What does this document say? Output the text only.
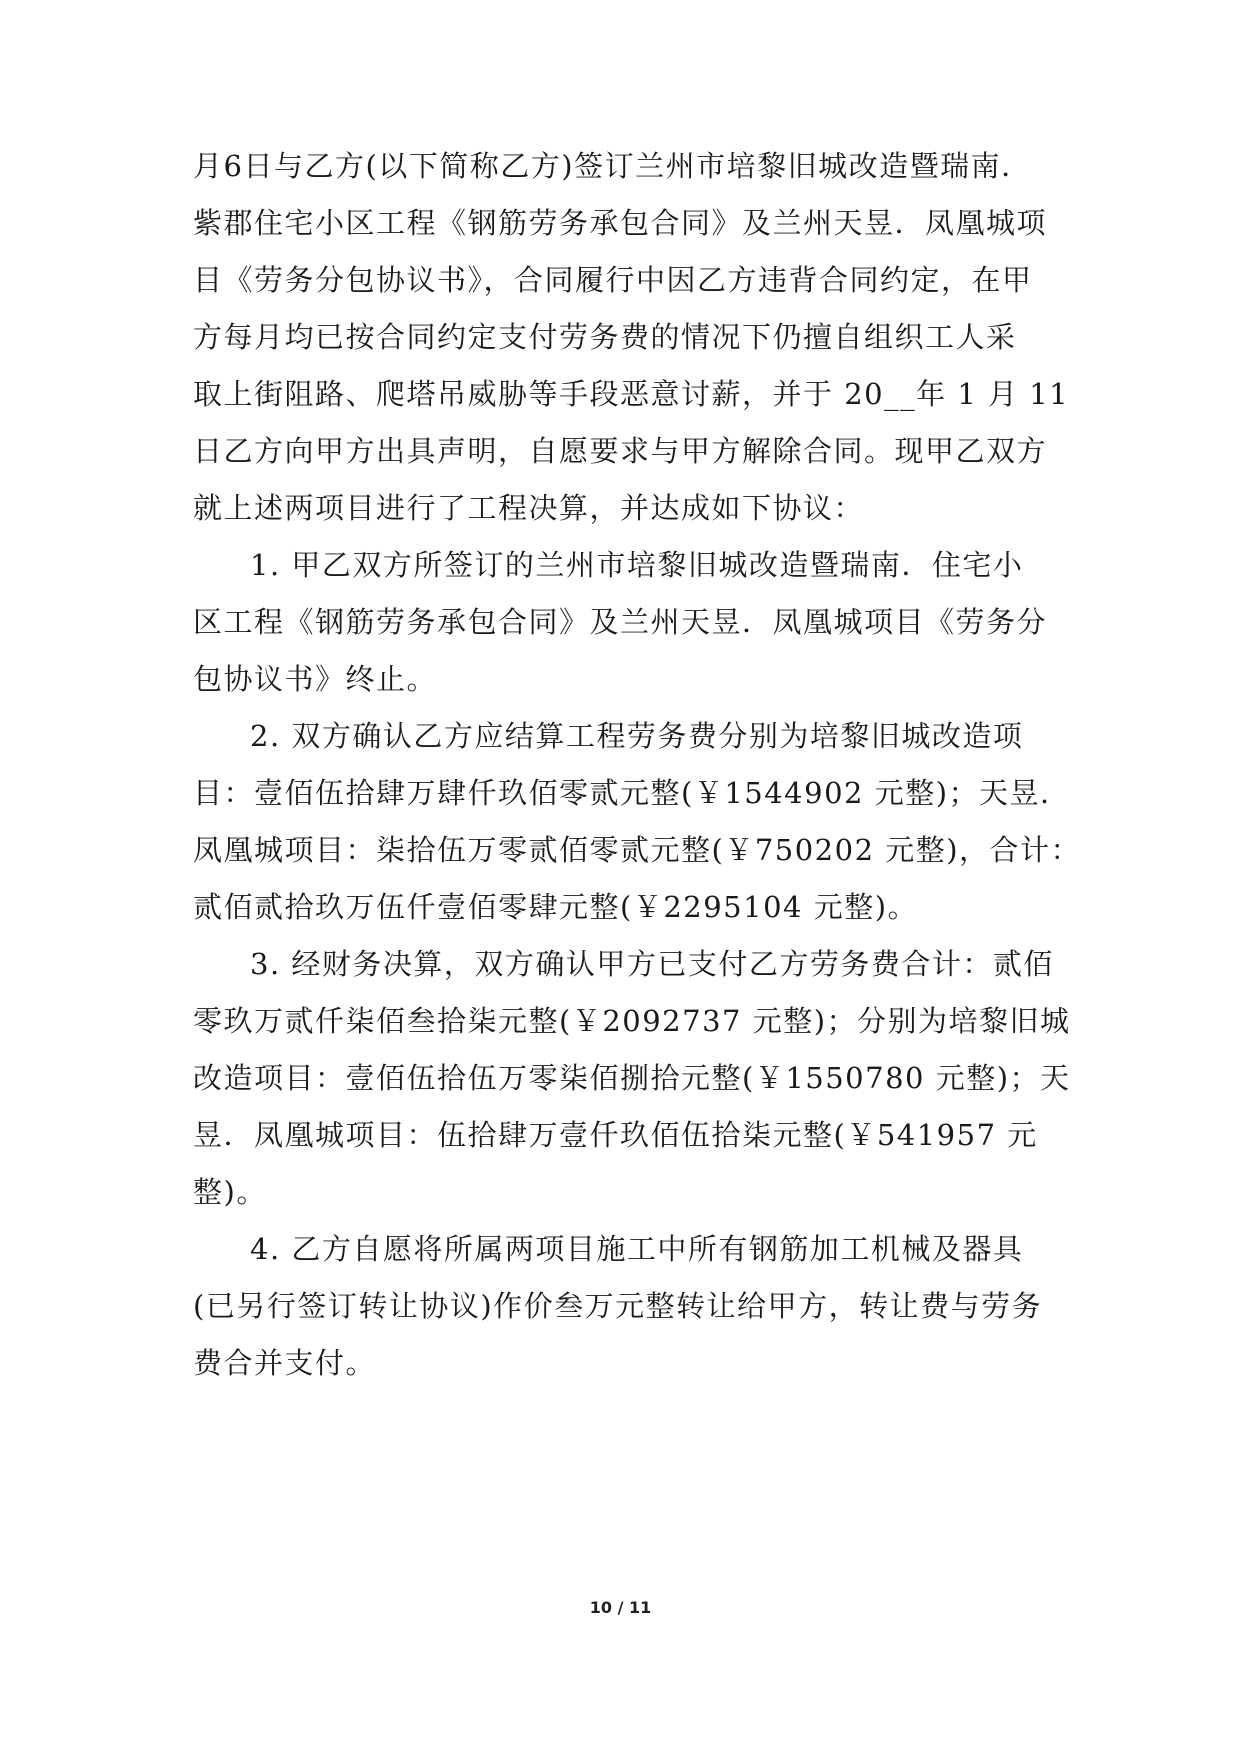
月6日与乙方(以下简称乙方)签订兰州市培黎旧城改造暨瑞南．
紫郡住宅小区工程《钢筋劳务承包合同》及兰州天昱．凤凰城项
目《劳务分包协议书》，合同履行中因乙方违背合同约定，在甲
方每月均已按合同约定支付劳务费的情况下仍擅自组织工人采
取上街阻路、爬塔吊威胁等手段恶意讨薪，并于 20__年 1 月 11
日乙方向甲方出具声明，自愿要求与甲方解除合同。现甲乙双方
就上述两项目进行了工程决算，并达成如下协议：
1. 甲乙双方所签订的兰州市培黎旧城改造暨瑞南．住宅小
区工程《钢筋劳务承包合同》及兰州天昱．凤凰城项目《劳务分
包协议书》终止。
2. 双方确认乙方应结算工程劳务费分别为培黎旧城改造项
目：壹佰伍拾肆万肆仟玖佰零贰元整(￥1544902 元整)；天昱．
凤凰城项目：柒拾伍万零贰佰零贰元整(￥750202 元整)，合计：
贰佰贰拾玖万伍仟壹佰零肆元整(￥2295104 元整)。
3. 经财务决算，双方确认甲方已支付乙方劳务费合计：贰佰
零玖万贰仟柒佰叁拾柒元整(￥2092737 元整)；分别为培黎旧城
改造项目：壹佰伍拾伍万零柒佰捌拾元整(￥1550780 元整)；天
昱．凤凰城项目：伍拾肆万壹仟玖佰伍拾柒元整(￥541957 元
整)。
4. 乙方自愿将所属两项目施工中所有钢筋加工机械及器具
(已另行签订转让协议)作价叁万元整转让给甲方，转让费与劳务
费合并支付。
10 / 11
